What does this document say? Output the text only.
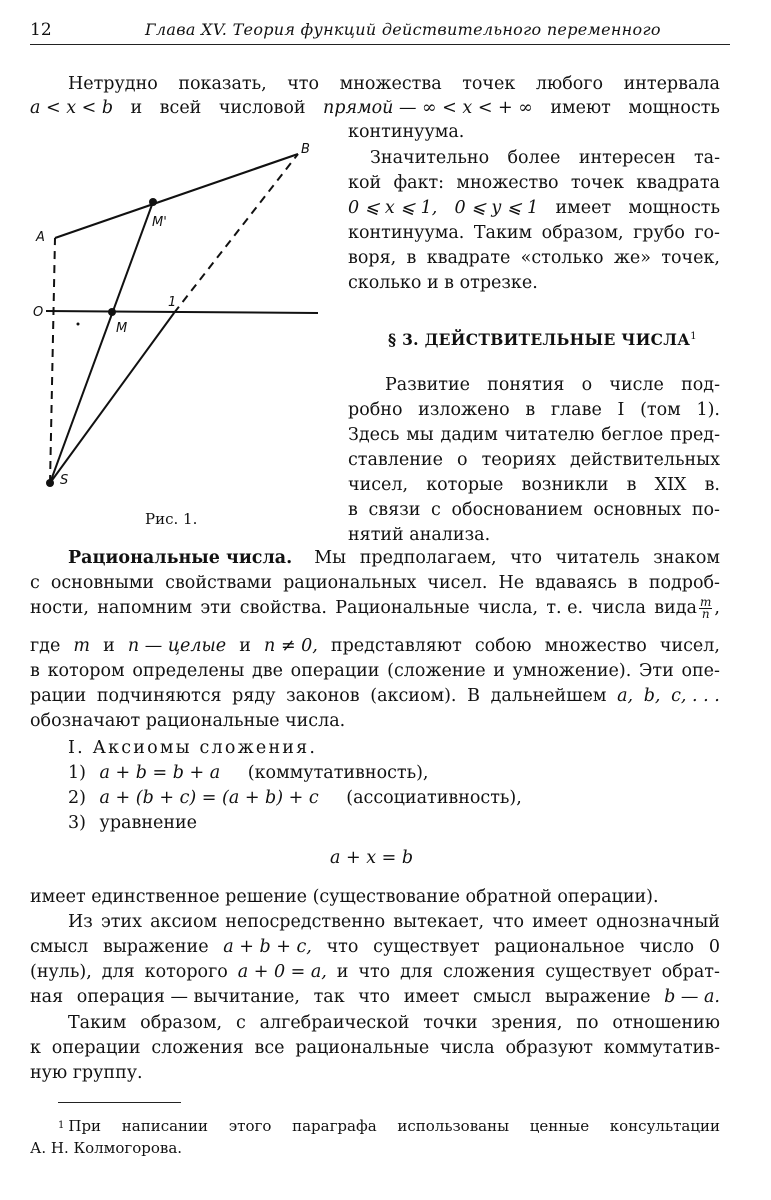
12	Глава XV. Теория функций действительного переменного
Нетрудно показать, что множества точек любого интервала
a < x < b и всей числовой прямой — ∞ < x < + ∞ имеют мощность
континуума.
A
B
O
1
M
M'
S
Рис. 1.
Значительно более интересен та-
кой факт: множество точек квадрата
0 ⩽ x ⩽ 1, 0 ⩽ y ⩽ 1 имеет мощность
континуума. Таким образом, грубо го-
воря, в квадрате «столько же» точек,
сколько и в отрезке.
§ 3. ДЕЙСТВИТЕЛЬНЫЕ ЧИСЛА$^1$
Развитие понятия о числе под-
робно изложено в главе I (том 1).
Здесь мы дадим читателю беглое пред-
ставление о теориях действительных
чисел, которые возникли в XIX в.
в связи с обоснованием основных по-
нятий анализа.
Рациональные числа. Мы предполагаем, что читатель знаком
с основными свойствами рациональных чисел. Не вдаваясь в подроб-
ности, напомним эти свойства. Рациональные числа, т. е. числа вида $\frac{m}{n}$ ,
где m и n — целые и n ≠ 0, представляют собою множество чисел,
в котором определены две операции (сложение и умножение). Эти опе-
рации подчиняются ряду законов (аксиом). В дальнейшем a, b, c, . . .
обозначают рациональные числа.
I. Аксиомы сложения.
1) a + b = b + a (коммутативность),
2) a + (b + c) = (a + b) + c (ассоциативность),
3) уравнение
a + x = b
имеет единственное решение (существование обратной операции).
Из этих аксиом непосредственно вытекает, что имеет однозначный
смысл выражение a + b + c, что существует рациональное число 0
(нуль), для которого a + 0 = a, и что для сложения существует обрат-
ная операция — вычитание, так что имеет смысл выражение b — a.
Таким образом, с алгебраической точки зрения, по отношению
к операции сложения все рациональные числа образуют коммутатив-
ную группу.
1 При написании этого параграфа использованы ценные консультации
А. Н. Колмогорова.
